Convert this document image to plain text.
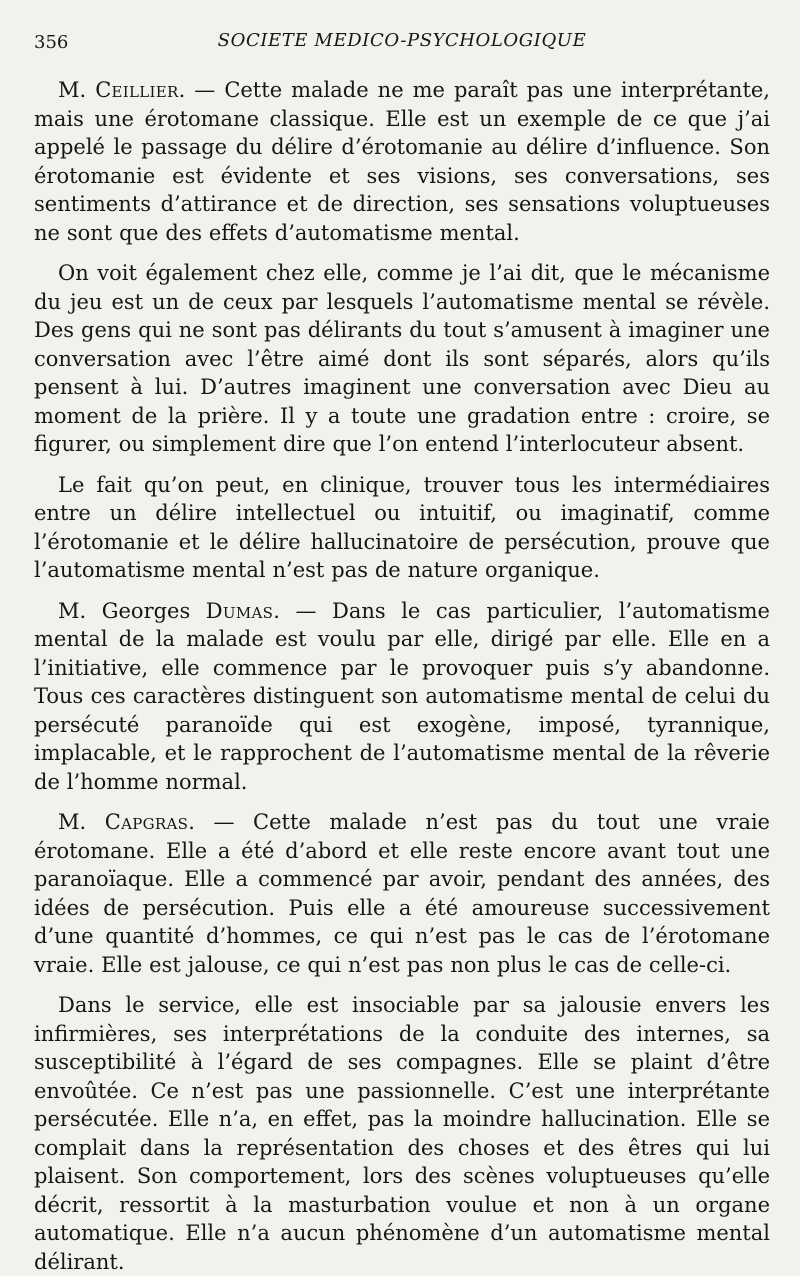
356	SOCIETE MEDICO-PSYCHOLOGIQUE

M. Ceillier. — Cette malade ne me paraît pas une interprétante, mais une érotomane classique. Elle est un exemple de ce que j’ai appelé le passage du délire d’érotomanie au délire d’influence. Son érotomanie est évidente et ses visions, ses conversations, ses sentiments d’attirance et de direction, ses sensations voluptueuses ne sont que des effets d’automatisme mental.

On voit également chez elle, comme je l’ai dit, que le mécanisme du jeu est un de ceux par lesquels l’automatisme mental se révèle. Des gens qui ne sont pas délirants du tout s’amusent à imaginer une conversation avec l’être aimé dont ils sont séparés, alors qu’ils pensent à lui. D’autres imaginent une conversation avec Dieu au moment de la prière. Il y a toute une gradation entre : croire, se figurer, ou simplement dire que l’on entend l’interlocuteur absent.

Le fait qu’on peut, en clinique, trouver tous les intermédiaires entre un délire intellectuel ou intuitif, ou imaginatif, comme l’érotomanie et le délire hallucinatoire de persécution, prouve que l’automatisme mental n’est pas de nature organique.

M. Georges Dumas. — Dans le cas particulier, l’automatisme mental de la malade est voulu par elle, dirigé par elle. Elle en a l’initiative, elle commence par le provoquer puis s’y abandonne. Tous ces caractères distinguent son automatisme mental de celui du persécuté paranoïde qui est exogène, imposé, tyrannique, implacable, et le rapprochent de l’automatisme mental de la rêverie de l’homme normal.

M. Capgras. — Cette malade n’est pas du tout une vraie érotomane. Elle a été d’abord et elle reste encore avant tout une paranoïaque. Elle a commencé par avoir, pendant des années, des idées de persécution. Puis elle a été amoureuse successivement d’une quantité d’hommes, ce qui n’est pas le cas de l’érotomane vraie. Elle est jalouse, ce qui n’est pas non plus le cas de celle-ci.

Dans le service, elle est insociable par sa jalousie envers les infirmières, ses interprétations de la conduite des internes, sa susceptibilité à l’égard de ses compagnes. Elle se plaint d’être envoûtée. Ce n’est pas une passionnelle. C’est une interprétante persécutée. Elle n’a, en effet, pas la moindre hallucination. Elle se complait dans la représentation des choses et des êtres qui lui plaisent. Son comportement, lors des scènes voluptueuses qu’elle décrit, ressortit à la masturbation voulue et non à un organe automatique. Elle n’a aucun phénomène d’un automatisme mental délirant.
